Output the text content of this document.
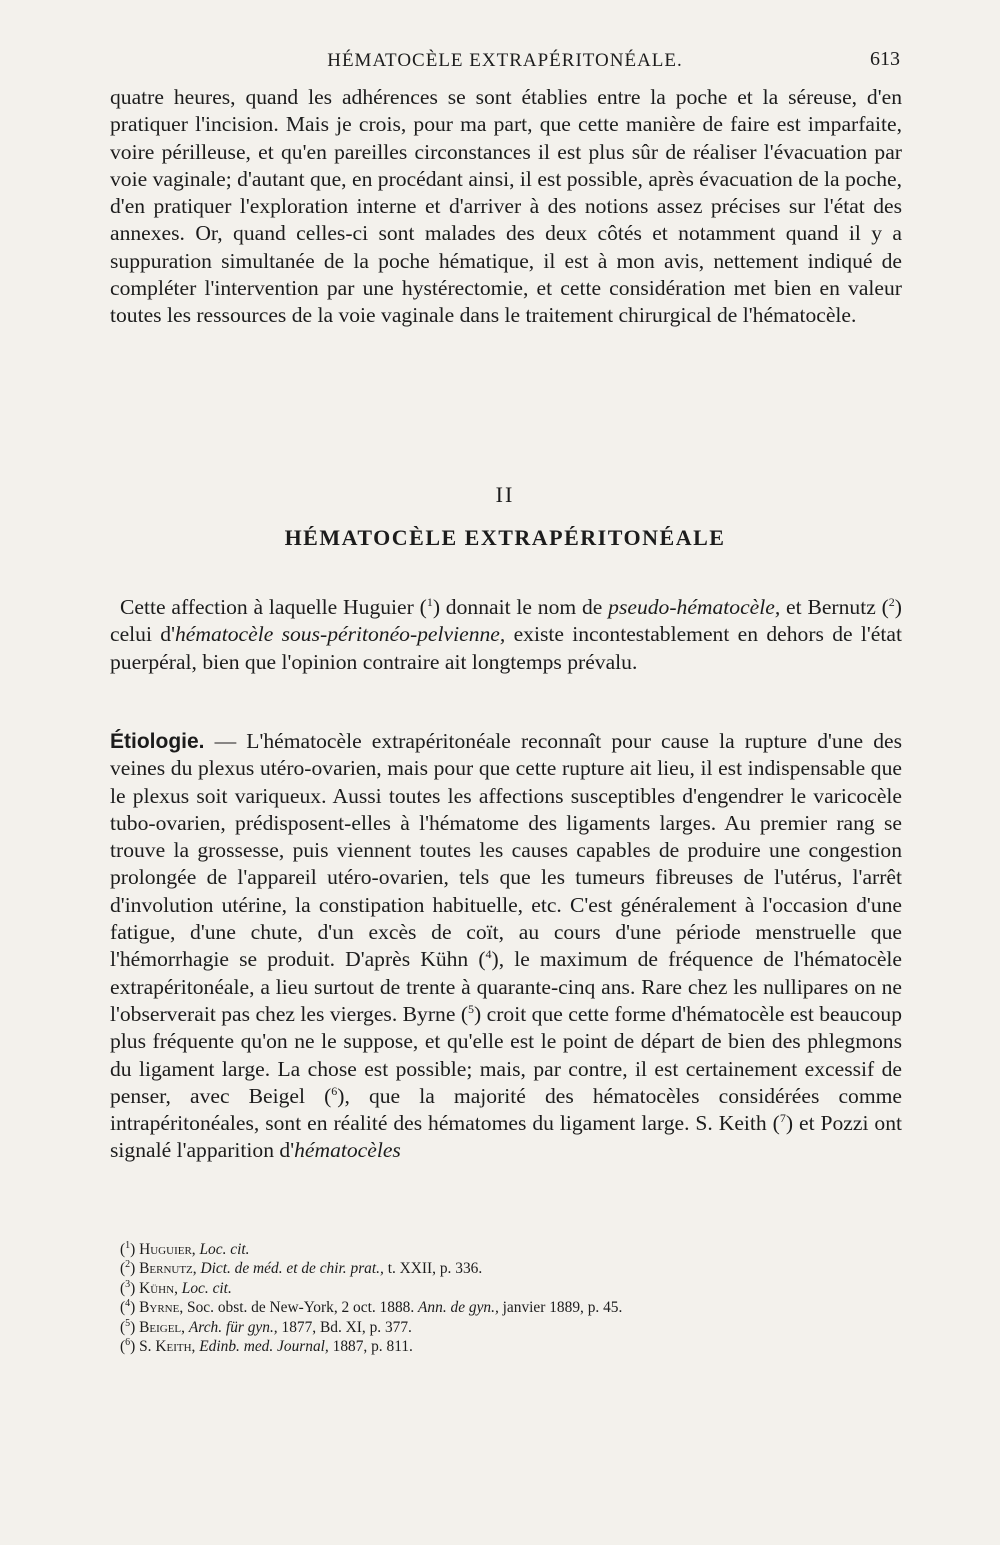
HÉMATOCÈLE EXTRAPÉRITONÉALE.	613

quatre heures, quand les adhérences se sont établies entre la poche et la séreuse, d'en pratiquer l'incision. Mais je crois, pour ma part, que cette manière de faire est imparfaite, voire périlleuse, et qu'en pareilles circonstances il est plus sûr de réaliser l'évacuation par voie vaginale; d'autant que, en procédant ainsi, il est possible, après évacuation de la poche, d'en pratiquer l'exploration interne et d'arriver à des notions assez précises sur l'état des annexes. Or, quand celles-ci sont malades des deux côtés et notamment quand il y a suppuration simultanée de la poche hématique, il est à mon avis, nettement indiqué de compléter l'intervention par une hystérectomie, et cette considération met bien en valeur toutes les ressources de la voie vaginale dans le traitement chirurgical de l'hématocèle.

II
HÉMATOCÈLE EXTRAPÉRITONÉALE

Cette affection à laquelle Huguier ($^1$) donnait le nom de pseudo-hématocèle, et Bernutz ($^2$) celui d'hématocèle sous-péritonéo-pelvienne, existe incontestablement en dehors de l'état puerpéral, bien que l'opinion contraire ait longtemps prévalu.

Étiologie. — L'hématocèle extrapéritonéale reconnaît pour cause la rupture d'une des veines du plexus utéro-ovarien, mais pour que cette rupture ait lieu, il est indispensable que le plexus soit variqueux. Aussi toutes les affections susceptibles d'engendrer le varicocèle tubo-ovarien, prédisposent-elles à l'hématome des ligaments larges. Au premier rang se trouve la grossesse, puis viennent toutes les causes capables de produire une congestion prolongée de l'appareil utéro-ovarien, tels que les tumeurs fibreuses de l'utérus, l'arrêt d'involution utérine, la constipation habituelle, etc. C'est généralement à l'occasion d'une fatigue, d'une chute, d'un excès de coït, au cours d'une période menstruelle que l'hémorrhagie se produit. D'après Kühn ($^4$), le maximum de fréquence de l'hématocèle extrapéritonéale, a lieu surtout de trente à quarante-cinq ans. Rare chez les nullipares on ne l'observerait pas chez les vierges. Byrne ($^5$) croit que cette forme d'hématocèle est beaucoup plus fréquente qu'on ne le suppose, et qu'elle est le point de départ de bien des phlegmons du ligament large. La chose est possible; mais, par contre, il est certainement excessif de penser, avec Beigel ($^6$), que la majorité des hématocèles considérées comme intrapéritonéales, sont en réalité des hématomes du ligament large. S. Keith ($^7$) et Pozzi ont signalé l'apparition d'hématocèles

($^1$) Huguier, Loc. cit.
($^2$) Bernutz, Dict. de méd. et de chir. prat., t. XXII, p. 336.
($^3$) Kühn, Loc. cit.
($^4$) Byrne, Soc. obst. de New-York, 2 oct. 1888. Ann. de gyn., janvier 1889, p. 45.
($^5$) Beigel, Arch. für gyn., 1877, Bd. XI, p. 377.
($^6$) S. Keith, Edinb. med. Journal, 1887, p. 811.
